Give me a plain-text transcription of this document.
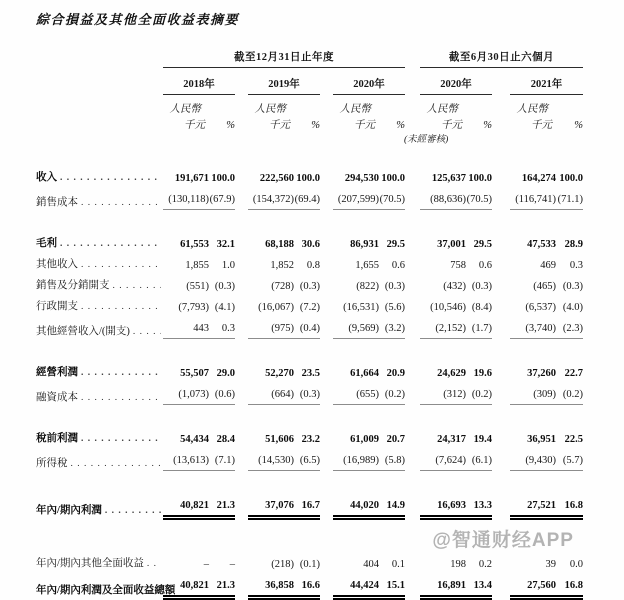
綜合損益及其他全面收益表摘要
	截至12月31日止年度									截至6月30日止六個月				
	2018年			2019年			2020年			2020年			2021年	
	人民幣			人民幣			人民幣			人民幣			人民幣	
	千元	%		千元	%		千元	%		千元	%		千元	%
										(未經審核)				

收入
. . .	191,671	100.0		222,560	100.0		294,530	100.0		125,637	100.0		164,274	100.0

銷售成本
. . .	(130,118)	(67.9)		(154,372)	(69.4)		(207,599)	(70.5)		(88,636)	(70.5)		(116,741)	(71.1)

毛利
. . .	61,553	32.1		68,188	30.6		86,931	29.5		37,001	29.5		47,533	28.9

其他收入
. . .	1,855	1.0		1,852	0.8		1,655	0.6		758	0.6		469	0.3

銷售及分銷開支
. . .	(551)	(0.3)		(728)	(0.3)		(822)	(0.3)		(432)	(0.3)		(465)	(0.3)

行政開支
. . .	(7,793)	(4.1)		(16,067)	(7.2)		(16,531)	(5.6)		(10,546)	(8.4)		(6,537)	(4.0)

其他經營收入/(開支)
. . .	443	0.3		(975)	(0.4)		(9,569)	(3.2)		(2,152)	(1.7)		(3,740)	(2.3)

經營利潤
. . .	55,507	29.0		52,270	23.5		61,664	20.9		24,629	19.6		37,260	22.7

融資成本
. . .	(1,073)	(0.6)		(664)	(0.3)		(655)	(0.2)		(312)	(0.2)		(309)	(0.2)

稅前利潤
. . .	54,434	28.4		51,606	23.2		61,009	20.7		24,317	19.4		36,951	22.5

所得稅
. . .	(13,613)	(7.1)		(14,530)	(6.5)		(16,989)	(5.8)		(7,624)	(6.1)		(9,430)	(5.7)

年內/期內利潤
. . .	40,821	21.3		37,076	16.7		44,020	14.9		16,693	13.3		27,521	16.8

年內/期內其他全面收益
. . .	–	–		(218)	(0.1)		404	0.1		198	0.2		39	0.0

年內/期內利潤及全面收益總額	40,821	21.3		36,858	16.6		44,424	15.1		16,891	13.4		27,560	16.8
@智通财经APP
